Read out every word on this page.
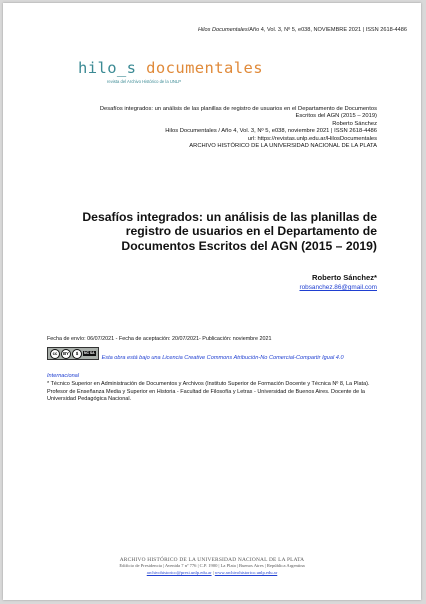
Hilos Documentales/Año 4, Vol. 3, Nº 5, e038, NOVIEMBRE 2021 | ISSN 2618-4486
hilo_s documentales
revista del Archivo Histórico de la UNLP
Desafíos integrados: un análisis de las planillas de registro de usuarios en el Departamento de Documentos
Escritos del AGN (2015 – 2019)
Roberto Sánchez
Hilos Documentales / Año 4, Vol. 3, Nº 5, e038, noviembre 2021 | ISSN 2618-4486
url: https://revistas.unlp.edu.ar/HilosDocumentales
ARCHIVO HISTÓRICO DE LA UNIVERSIDAD NACIONAL DE LA PLATA
Desafíos integrados: un análisis de las planillas de registro de usuarios en el Departamento de Documentos Escritos del AGN (2015 – 2019)
Roberto Sánchez*
robsanchez.86@gmail.com
Fecha de envío: 06/07/2021 - Fecha de aceptación: 20/07/2021- Publicación: noviembre 2021
cc	BY	$	NC SA
Esta obra está bajo una Licencia Creative Commons Atribución-No Comercial-Compartir Igual 4.0 Internacional
* Técnico Superior en Administración de Documentos y Archivos (Instituto Superior de Formación Docente y Técnica Nº 8, La Plata). Profesor de Enseñanza Media y Superior en Historia - Facultad de Filosofía y Letras - Universidad de Buenos Aires. Docente de la Universidad Pedagógica Nacional.
ARCHIVO HISTÓRICO DE LA UNIVERSIDAD NACIONAL DE LA PLATA
Edificio de Presidencia | Avenida 7 nº 776 | C.P. 1900 | La Plata | Buenos Aires | República Argentina
archivohistorico@presi.unlp.edu.ar | www.archivohistorico.unlp.edu.ar
